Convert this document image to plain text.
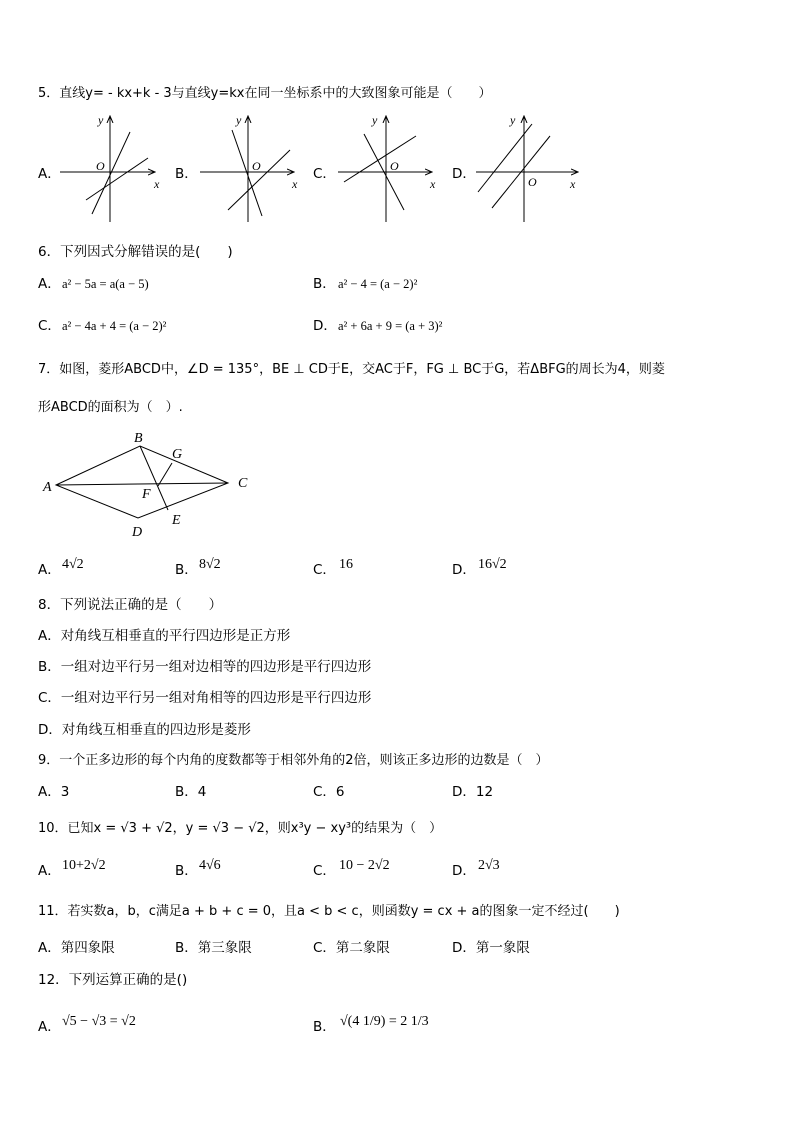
5．直线y= - kx+k - 3与直线y=kx在同一坐标系中的大致图象可能是（　　）
A．	B．	C．	D．
y
x
O
y
x
O
y
x
O
y
x
O
6．下列因式分解错误的是(　　)
A． a² − 5a = a(a − 5)	B． a² − 4 = (a − 2)²
C． a² − 4a + 4 = (a − 2)²	D． a² + 6a + 9 = (a + 3)²
7．如图，菱形ABCD中，∠D = 135°，BE ⊥ CD于E，交AC于F，FG ⊥ BC于G，若ΔBFG的周长为4，则菱
形ABCD的面积为（　）.
A
B
C
D
E
F
G
A． 4√2	B． 8√2	C． 16	D． 16√2
8．下列说法正确的是（　　）
A．对角线互相垂直的平行四边形是正方形
B．一组对边平行另一组对边相等的四边形是平行四边形
C．一组对边平行另一组对角相等的四边形是平行四边形
D．对角线互相垂直的四边形是菱形
9．一个正多边形的每个内角的度数都等于相邻外角的2倍，则该正多边形的边数是（　）
A．3	B．4	C．6	D．12
10．已知x = √3 + √2，y = √3 − √2，则x³y − xy³的结果为（　）
A． 10+2√2	B． 4√6	C． 10 − 2√2	D． 2√3
11．若实数a，b，c满足a + b + c = 0，且a < b < c，则函数y = cx + a的图象一定不经过(　　)
A．第四象限	B．第三象限	C．第二象限	D．第一象限
12．下列运算正确的是()
A． √5 − √3 = √2	B． √(4 1/9) = 2 1/3
